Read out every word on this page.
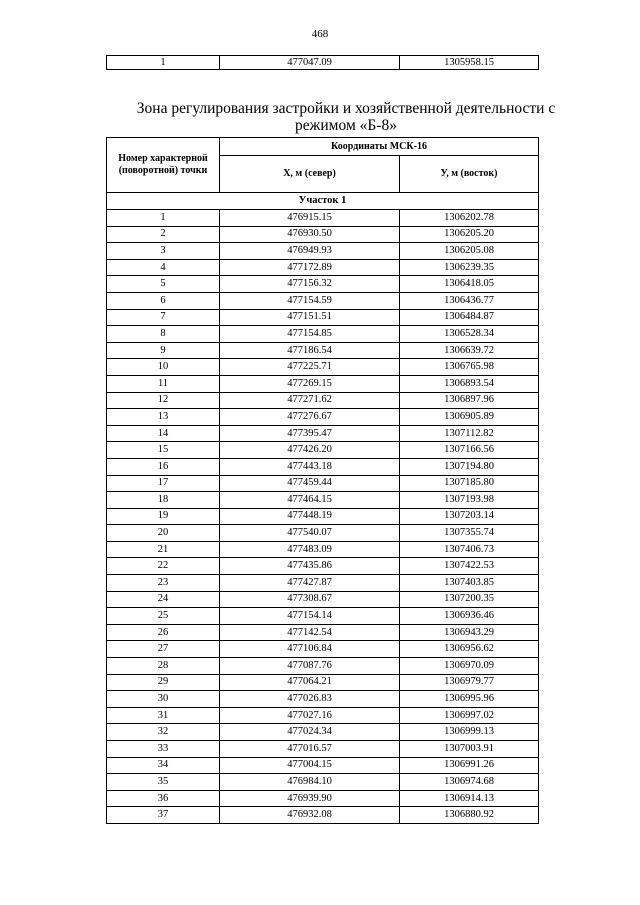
468
1	477047.09	1305958.15
Зона регулирования застройки и хозяйственной деятельности с режимом «Б-8»
Номер характерной (поворотной) точки	Координаты МСК-16	
	X, м (север)	У, м (восток)
Участок 1		
1	476915.15	1306202.78
2	476930.50	1306205.20
3	476949.93	1306205.08
4	477172.89	1306239.35
5	477156.32	1306418.05
6	477154.59	1306436.77
7	477151.51	1306484.87
8	477154.85	1306528.34
9	477186.54	1306639.72
10	477225.71	1306765.98
11	477269.15	1306893.54
12	477271.62	1306897.96
13	477276.67	1306905.89
14	477395.47	1307112.82
15	477426.20	1307166.56
16	477443.18	1307194.80
17	477459.44	1307185.80
18	477464.15	1307193.98
19	477448.19	1307203.14
20	477540.07	1307355.74
21	477483.09	1307406.73
22	477435.86	1307422.53
23	477427.87	1307403.85
24	477308.67	1307200.35
25	477154.14	1306936.46
26	477142.54	1306943.29
27	477106.84	1306956.62
28	477087.76	1306970.09
29	477064.21	1306979.77
30	477026.83	1306995.96
31	477027.16	1306997.02
32	477024.34	1306999.13
33	477016.57	1307003.91
34	477004.15	1306991.26
35	476984.10	1306974.68
36	476939.90	1306914.13
37	476932.08	1306880.92
